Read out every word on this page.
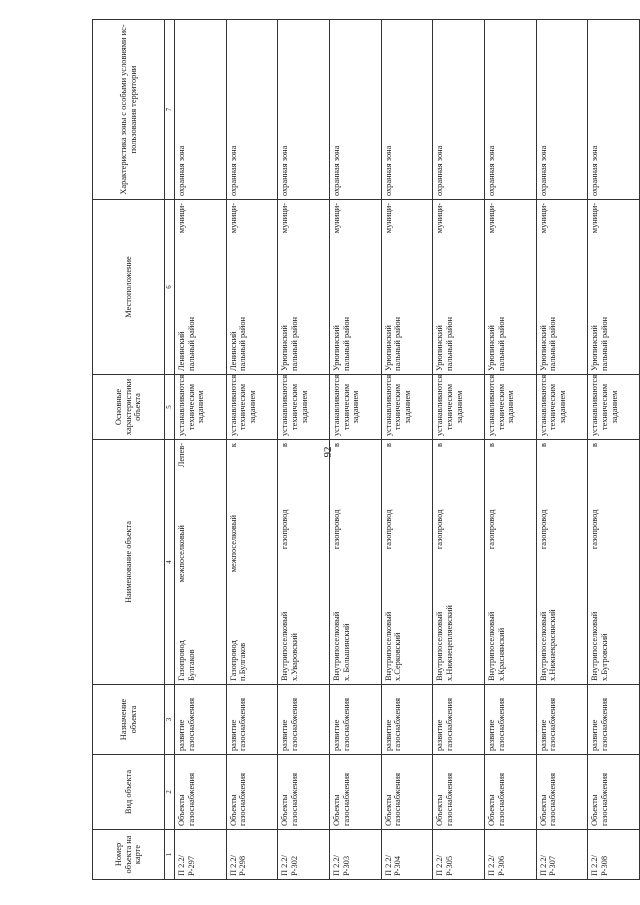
92
Номер объекта на карте	Вид объекта	Назначение объекта	Наименование объекта	Основные характеристики объекта	Местоположение	Характеристика зоны с особыми условиями ис-пользования территории
1	2	3	4	5	6	7
П 2.2/ Р-297	Объекты газоснабжения	развитие газоснабжения	Газопровод межпоселковый Лепев- Булгаков	устанавливаются техническим заданием	Ленинский муници- пальный район	охранная зона
П 2.2/ Р-298	Объекты газоснабжения	развитие газоснабжения	Газопровод межпоселковый к п.Булгаков	устанавливаются техническим заданием	Ленинский муници- пальный район	охранная зона
П 2.2/ Р-302	Объекты газоснабжения	развитие газоснабжения	Внутрипоселковый газопровод в х.Уваровский	устанавливаются техническим заданием	Урюпинский муници- пальный район	охранная зона
П 2.2/ Р-303	Объекты газоснабжения	развитие газоснабжения	Внутрипоселковый газопровод в х. Большинский	устанавливаются техническим заданием	Урюпинский муници- пальный район	охранная зона
П 2.2/ Р-304	Объекты газоснабжения	развитие газоснабжения	Внутрипоселковый газопровод в х.Серковский	устанавливаются техническим заданием	Урюпинский муници- пальный район	охранная зона
П 2.2/ Р-305	Объекты газоснабжения	развитие газоснабжения	Внутрипоселковый газопровод в х.Нижнецепляевский	устанавливаются техническим заданием	Урюпинский муници- пальный район	охранная зона
П 2.2/ Р-306	Объекты газоснабжения	развитие газоснабжения	Внутрипоселковый газопровод в х.Краснянский	устанавливаются техническим заданием	Урюпинский муници- пальный район	охранная зона
П 2.2/ Р-307	Объекты газоснабжения	развитие газоснабжения	Внутрипоселковый газопровод в х.Нижнекрасянский	устанавливаются техническим заданием	Урюпинский муници- пальный район	охранная зона
П 2.2/ Р-308	Объекты газоснабжения	развитие газоснабжения	Внутрипоселковый газопровод в х.Бугровский	устанавливаются техническим заданием	Урюпинский муници- пальный район	охранная зона
